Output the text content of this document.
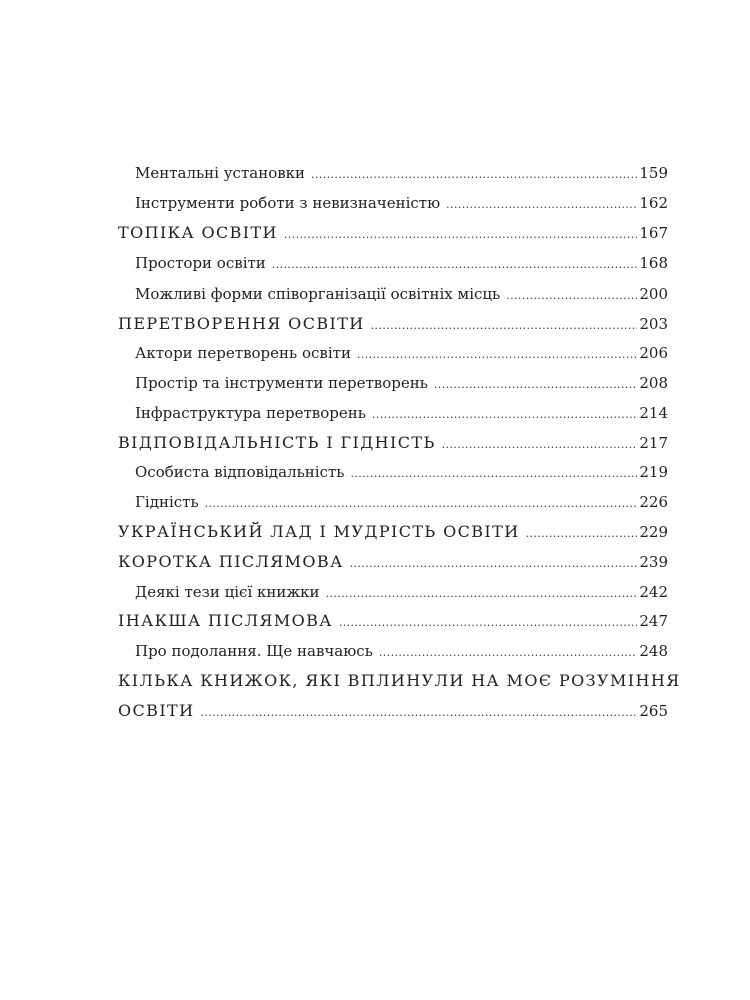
Ментальні установки .....	159
Інструменти роботи з невизначеністю .....	162
ТОПІКА ОСВІТИ .....	167
Простори освіти .....	168
Можливі форми співорганізації освітніх місць .....	200
ПЕРЕТВОРЕННЯ ОСВІТИ .....	203
Актори перетворень освіти .....	206
Простір та інструменти перетворень .....	208
Інфраструктура перетворень .....	214
ВІДПОВІДАЛЬНІСТЬ І ГІДНІСТЬ .....	217
Особиста відповідальність .....	219
Гідність .....	226
УКРАЇНСЬКИЙ ЛАД І МУДРІСТЬ ОСВІТИ .....	229
КОРОТКА ПІСЛЯМОВА .....	239
Деякі тези цієї книжки .....	242
ІНАКША ПІСЛЯМОВА .....	247
Про подолання. Ще навчаюсь .....	248
КІЛЬКА КНИЖОК, ЯКІ ВПЛИНУЛИ НА МОЄ РОЗУМІННЯ
ОСВІТИ .....	265
